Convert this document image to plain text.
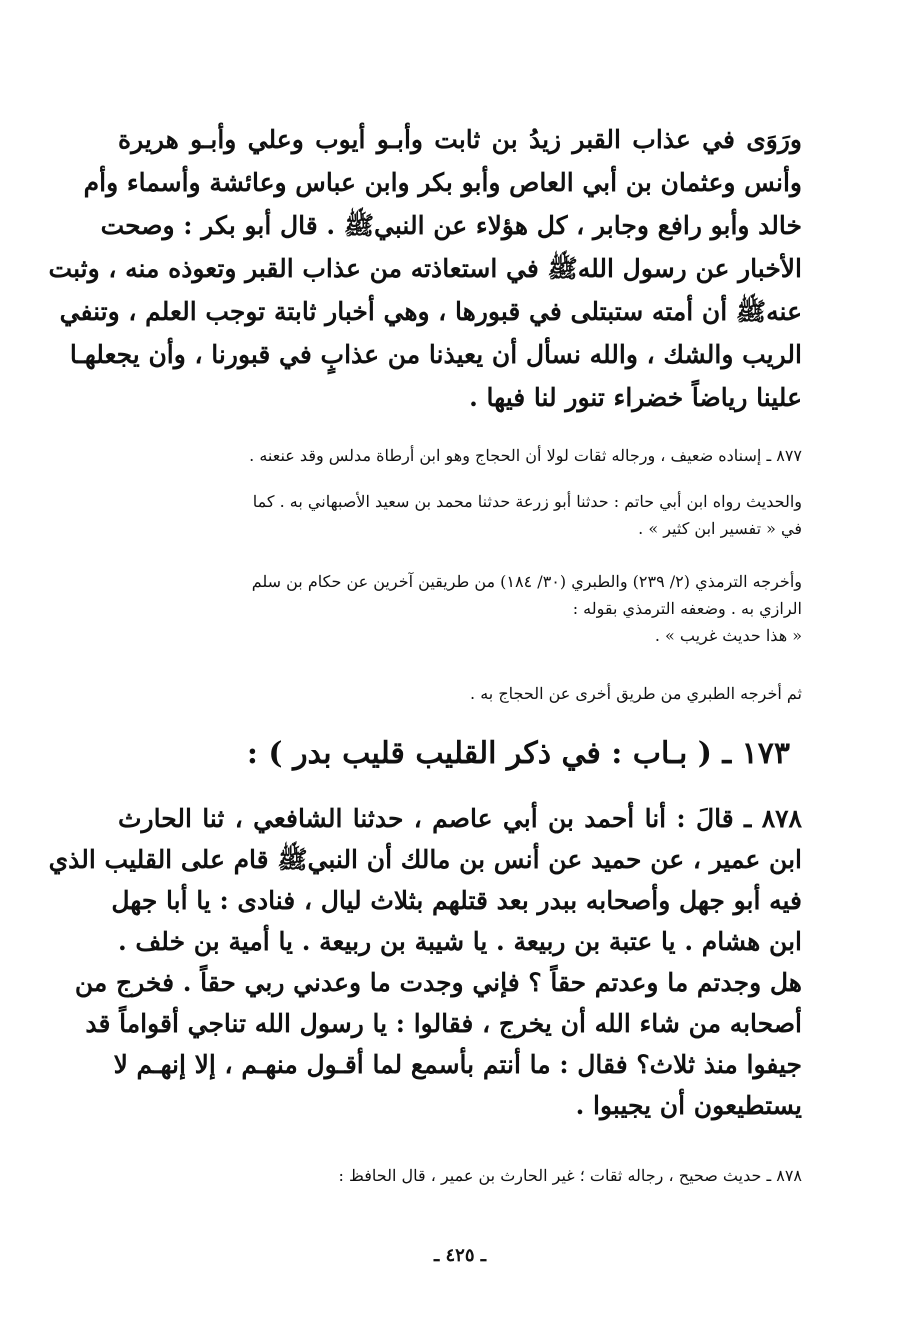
ورَوَى في عذاب القبر زيدُ بن ثابت وأبـو أيوب وعلي وأبـو هريرة
وأنس وعثمان بن أبي العاص وأبو بكر وابن عباس وعائشة وأسماء وأم
خالد وأبو رافع وجابر ، كل هؤلاء عن النبيﷺ . قال أبو بكر : وصحت
الأخبار عن رسول اللهﷺ في استعاذته من عذاب القبر وتعوذه منه ، وثبت
عنهﷺ أن أمته ستبتلى في قبورها ، وهي أخبار ثابتة توجب العلم ، وتنفي
الريب والشك ، والله نسأل أن يعيذنا من عذابٍ في قبورنا ، وأن يجعلهـا
علينا رياضاً خضراء تنور لنا فيها .
٨٧٧ ـ إسناده ضعيف ، ورجاله ثقات لولا أن الحجاج وهو ابن أرطاة مدلس وقد عنعنه .
والحديث رواه ابن أبي حاتم : حدثنا أبو زرعة حدثنا محمد بن سعيد الأصبهاني به . كما
في « تفسير ابن كثير » .
وأخرجه الترمذي (٢/ ٢٣٩) والطبري (٣٠/ ١٨٤) من طريقين آخرين عن حكام بن سلم
الرازي به . وضعفه الترمذي بقوله :
« هذا حديث غريب » .
ثم أخرجه الطبري من طريق أخرى عن الحجاج به .
١٧٣ ـ ( بـاب : في ذكر القليب قليب بدر ) :
٨٧٨ ـ قالَ : أنا أحمد بن أبي عاصم ، حدثنا الشافعي ، ثنا الحارث
ابن عمير ، عن حميد عن أنس بن مالك أن النبيﷺ قام على القليب الذي
فيه أبو جهل وأصحابه ببدر بعد قتلهم بثلاث ليال ، فنادى : يا أبا جهل
ابن هشام . يا عتبة بن ربيعة . يا شيبة بن ربيعة . يا أمية بن خلف .
هل وجدتم ما وعدتم حقاً ؟ فإني وجدت ما وعدني ربي حقاً . فخرج من
أصحابه من شاء الله أن يخرج ، فقالوا : يا رسول الله تناجي أقواماً قد
جيفوا منذ ثلاث؟ فقال : ما أنتم بأسمع لما أقـول منهـم ، إلا إنهـم لا
يستطيعون أن يجيبوا .
٨٧٨ ـ حديث صحيح ، رجاله ثقات ؛ غير الحارث بن عمير ، قال الحافظ :
ـ ٤٢٥ ـ
